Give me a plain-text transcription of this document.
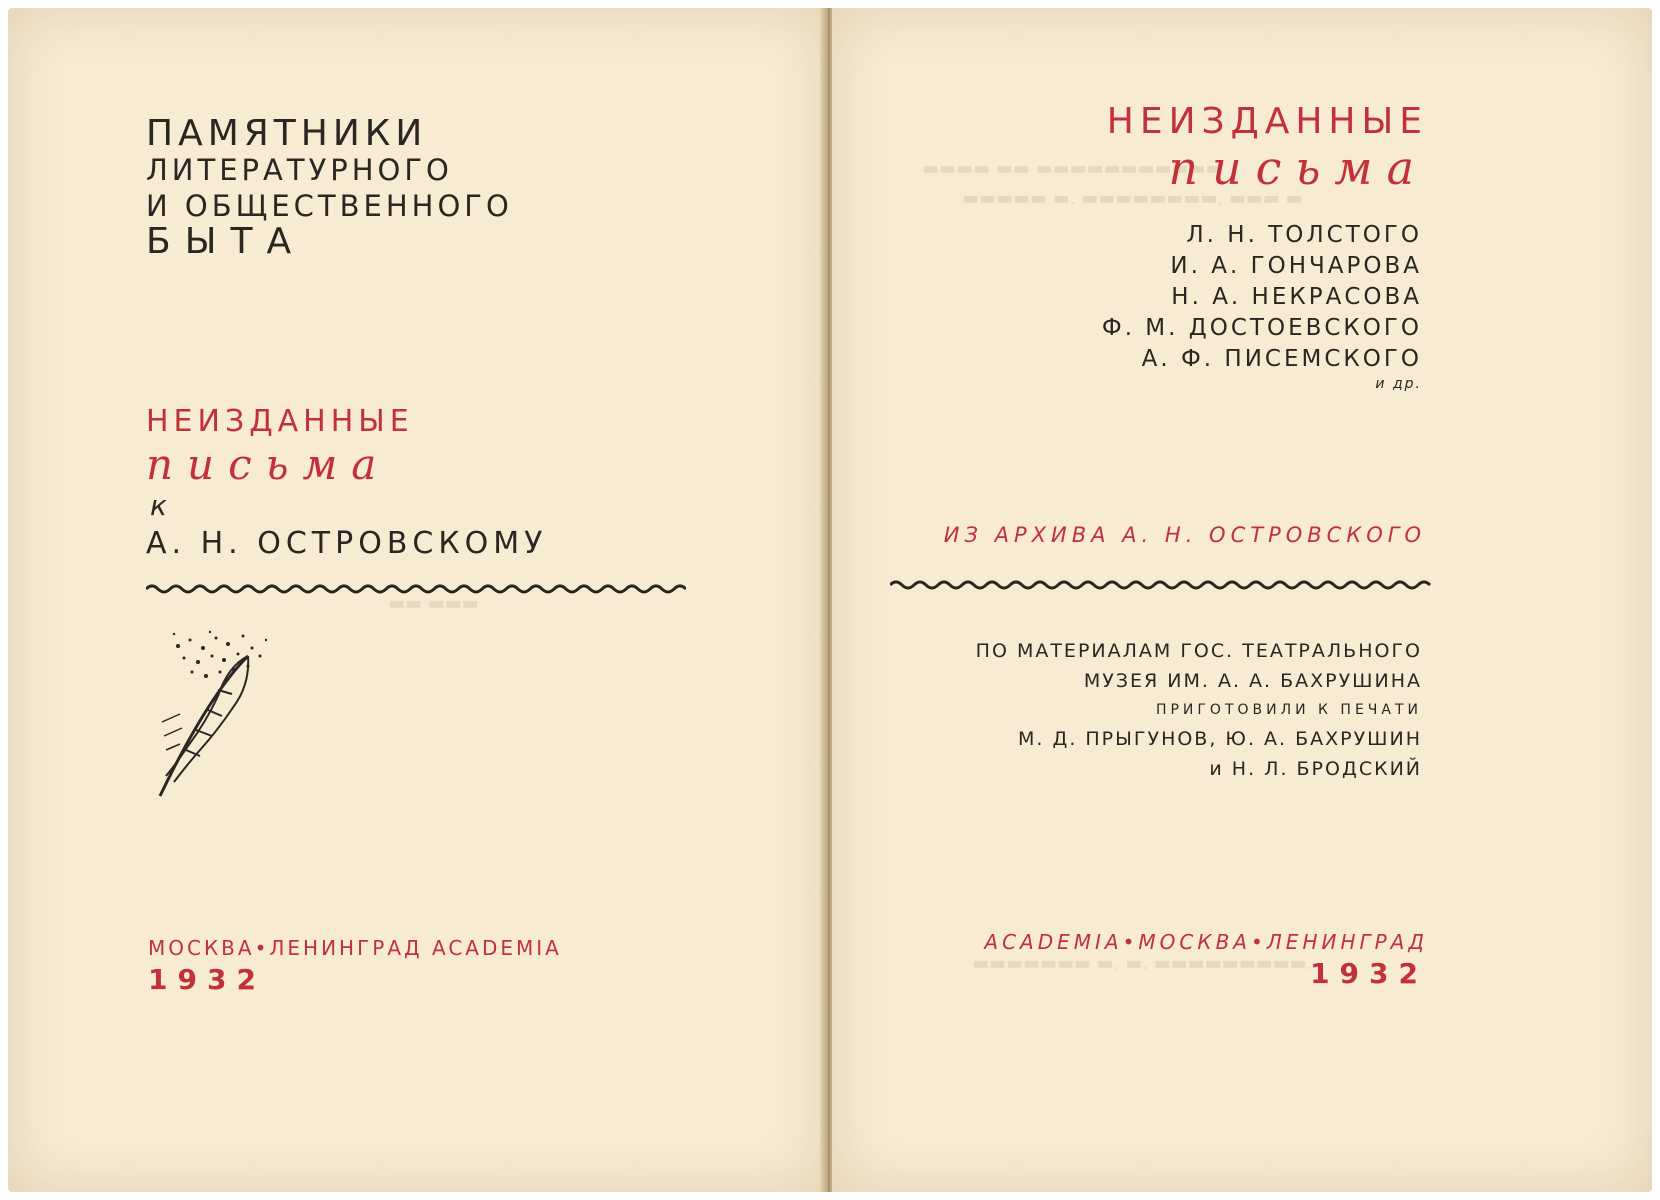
▬▬ ▬▬▬
ПАМЯТНИКИ
ЛИТЕРАТУРНОГО
И ОБЩЕСТВЕННОГО
БЫТА
НЕИЗДАННЫЕ
письма
к
А. Н. ОСТРОВСКОМУ
МОСКВА•ЛЕНИНГРАД ACADEMIA
1932
▬▬▬▬ ▬▬ ▬▬▬▬▬▬▬▬▬▬▬
▬▬▬▬▬ ▬. ▬▬▬▬▬▬▬▬, ▬▬▬ ▬
▬▬▬▬▬▬▬ ▬. ▬. ▬▬▬▬▬▬▬▬▬.
НЕИЗДАННЫЕ
письма
Л. Н. ТОЛСТОГО
И. А. ГОНЧАРОВА
Н. А. НЕКРАСОВА
Ф. М. ДОСТОЕВСКОГО
А. Ф. ПИСЕМСКОГО
и др.
ИЗ АРХИВА А. Н. ОСТРОВСКОГО
ПО МАТЕРИАЛАМ ГОС. ТЕАТРАЛЬНОГО
МУЗЕЯ ИМ. А. А. БАХРУШИНА
ПРИГОТОВИЛИ К ПЕЧАТИ
М. Д. ПРЫГУНОВ, Ю. А. БАХРУШИН
и Н. Л. БРОДСКИЙ
ACADEMIA•МОСКВА•ЛЕНИНГРАД
1932
